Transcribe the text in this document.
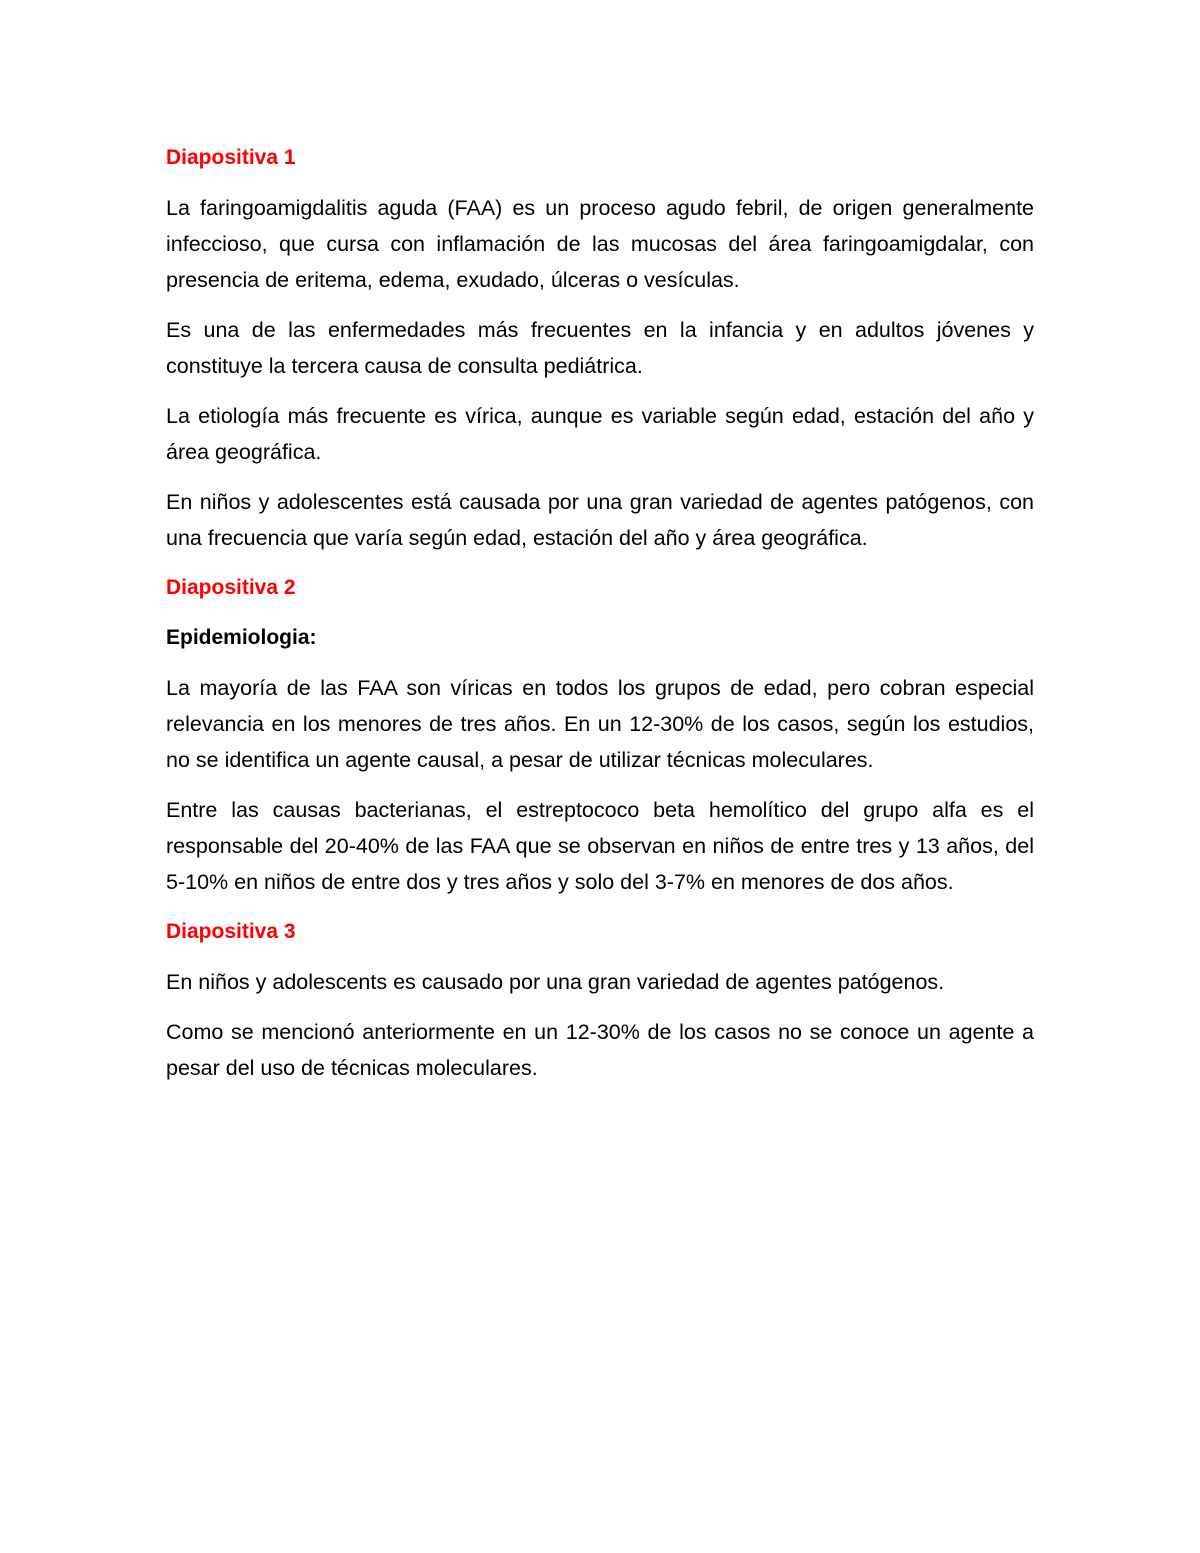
Diapositiva 1

La faringoamigdalitis aguda (FAA) es un proceso agudo febril, de origen generalmente infeccioso, que cursa con inflamación de las mucosas del área faringoamigdalar, con presencia de eritema, edema, exudado, úlceras o vesículas.

Es una de las enfermedades más frecuentes en la infancia y en adultos jóvenes y constituye la tercera causa de consulta pediátrica.

La etiología más frecuente es vírica, aunque es variable según edad, estación del año y área geográfica.

En niños y adolescentes está causada por una gran variedad de agentes patógenos, con una frecuencia que varía según edad, estación del año y área geográfica.

Diapositiva 2
Epidemiologia:

La mayoría de las FAA son víricas en todos los grupos de edad, pero cobran especial relevancia en los menores de tres años. En un 12-30% de los casos, según los estudios, no se identifica un agente causal, a pesar de utilizar técnicas moleculares.

Entre las causas bacterianas, el estreptococo beta hemolítico del grupo alfa es el responsable del 20-40% de las FAA que se observan en niños de entre tres y 13 años, del 5-10% en niños de entre dos y tres años y solo del 3-7% en menores de dos años.

Diapositiva 3

En niños y adolescents es causado por una gran variedad de agentes patógenos.

Como se mencionó anteriormente en un 12-30% de los casos no se conoce un agente a pesar del uso de técnicas moleculares.
